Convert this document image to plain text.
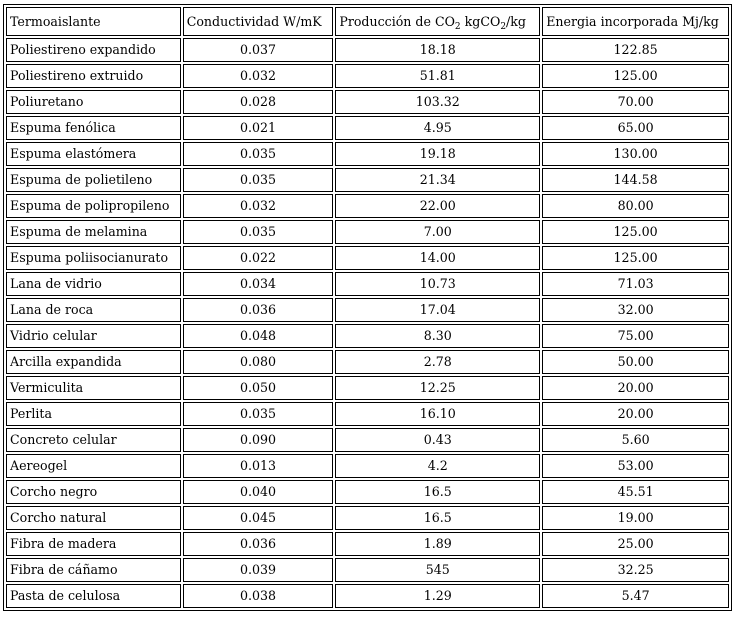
Termoaislante	Conductividad W/mK	Producción de $CO_2$ kgCO$_2$/kg	Energia incorporada Mj/kg
Poliestireno expandido	0.037	18.18	122.85
Poliestireno extruido	0.032	51.81	125.00
Poliuretano	0.028	103.32	70.00
Espuma fenólica	0.021	4.95	65.00
Espuma elastómera	0.035	19.18	130.00
Espuma de polietileno	0.035	21.34	144.58
Espuma de polipropileno	0.032	22.00	80.00
Espuma de melamina	0.035	7.00	125.00
Espuma poliisocianurato	0.022	14.00	125.00
Lana de vidrio	0.034	10.73	71.03
Lana de roca	0.036	17.04	32.00
Vidrio celular	0.048	8.30	75.00
Arcilla expandida	0.080	2.78	50.00
Vermiculita	0.050	12.25	20.00
Perlita	0.035	16.10	20.00
Concreto celular	0.090	0.43	5.60
Aereogel	0.013	4.2	53.00
Corcho negro	0.040	16.5	45.51
Corcho natural	0.045	16.5	19.00
Fibra de madera	0.036	1.89	25.00
Fibra de cáñamo	0.039	545	32.25
Pasta de celulosa	0.038	1.29	5.47
